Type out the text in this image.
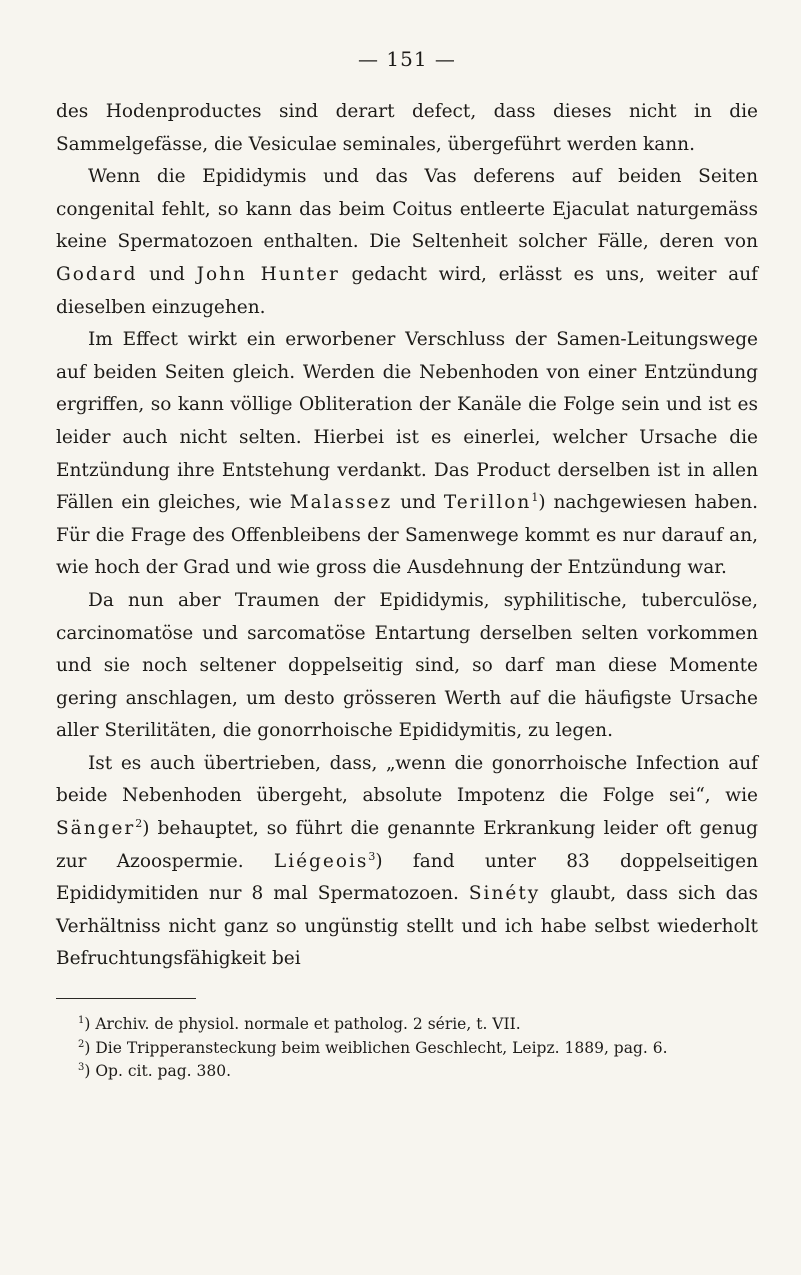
— 151 —

des Hodenproductes sind derart defect, dass dieses nicht in die Sammelgefässe, die Vesiculae seminales, übergeführt werden kann.

Wenn die Epididymis und das Vas deferens auf beiden Seiten congenital fehlt, so kann das beim Coitus entleerte Ejaculat naturgemäss keine Spermatozoen enthalten. Die Seltenheit solcher Fälle, deren von Godard und John Hunter gedacht wird, erlässt es uns, weiter auf dieselben einzugehen.

Im Effect wirkt ein erworbener Verschluss der Samen-Leitungswege auf beiden Seiten gleich. Werden die Nebenhoden von einer Entzündung ergriffen, so kann völlige Obliteration der Kanäle die Folge sein und ist es leider auch nicht selten. Hierbei ist es einerlei, welcher Ursache die Entzündung ihre Entstehung verdankt. Das Product derselben ist in allen Fällen ein gleiches, wie Malassez und Terillon$^1$) nachgewiesen haben. Für die Frage des Offenbleibens der Samenwege kommt es nur darauf an, wie hoch der Grad und wie gross die Ausdehnung der Entzündung war.

Da nun aber Traumen der Epididymis, syphilitische, tuberculöse, carcinomatöse und sarcomatöse Entartung derselben selten vorkommen und sie noch seltener doppelseitig sind, so darf man diese Momente gering anschlagen, um desto grösseren Werth auf die häufigste Ursache aller Sterilitäten, die gonorrhoische Epididymitis, zu legen.

Ist es auch übertrieben, dass, „wenn die gonorrhoische Infection auf beide Nebenhoden übergeht, absolute Impotenz die Folge sei“, wie Sänger$^2$) behauptet, so führt die genannte Erkrankung leider oft genug zur Azoospermie. Liégeois$^3$) fand unter 83 doppelseitigen Epididymitiden nur 8 mal Spermatozoen. Sinéty glaubt, dass sich das Verhältniss nicht ganz so ungünstig stellt und ich habe selbst wiederholt Befruchtungsfähigkeit bei

$^1$) Archiv. de physiol. normale et patholog. 2 série, t. VII.

$^2$) Die Tripperansteckung beim weiblichen Geschlecht, Leipz. 1889, pag. 6.

$^3$) Op. cit. pag. 380.
